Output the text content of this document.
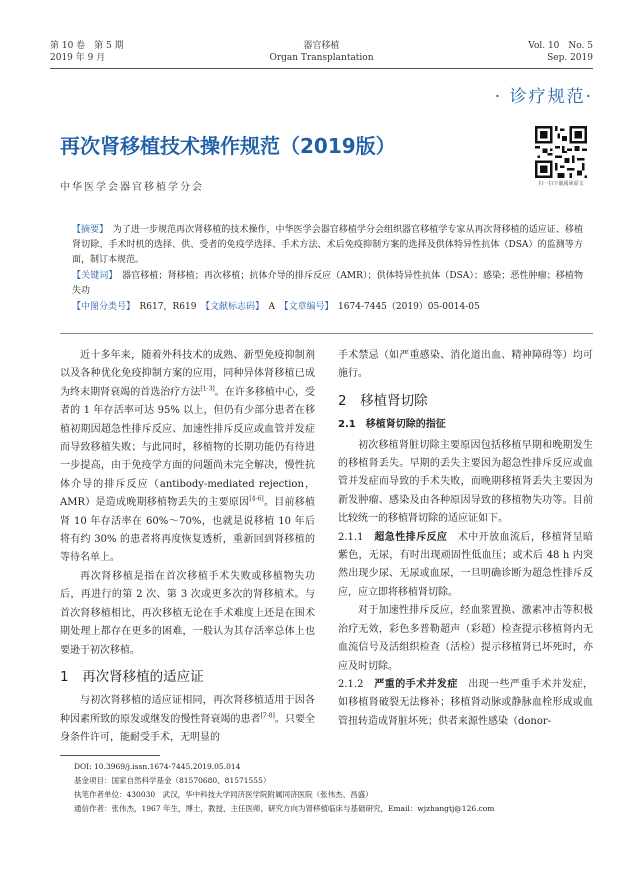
第 10 卷　第 5 期
2019 年 9 月
器官移植
Organ Transplantation
Vol. 10　No. 5
Sep. 2019
· 诊疗规范·
再次肾移植技术操作规范（2019版）
中华医学会器官移植学分会	扫一扫下载阅读原文

【摘要】　 为了进一步规范再次肾移植的技术操作，中华医学会器官移植学分会组织器官移植学专家从再次肾移植的适应证、移植肾切除、手术时机的选择、供、受者的免疫学选择、手术方法、术后免疫抑制方案的选择及供体特异性抗体（DSA）的监测等方面，制订本规范。

【关键词】　 器官移植；肾移植；再次移植；抗体介导的排斥反应（AMR）；供体特异性抗体（DSA）；感染；恶性肿瘤；移植物失功

【中图分类号】　 R617，R619　 【文献标志码】　 A　 【文章编号】　 1674-7445（2019）05-0014-05

近十多年来，随着外科技术的成熟、新型免疫抑制剂以及各种优化免疫抑制方案的应用，同种异体肾移植已成为终末期肾衰竭的首选治疗方法[1-3]。在许多移植中心，受者的 1 年存活率可达 95% 以上，但仍有少部分患者在移植初期因超急性排斥反应、加速性排斥反应或血管并发症而导致移植失败；与此同时，移植物的长期功能仍有待进一步提高，由于免疫学方面的问题尚未完全解决，慢性抗体介导的排斥反应（antibody-mediated rejection，AMR）是造成晚期移植物丢失的主要原因[4-6]。目前移植肾 10 年存活率在 60%～70%，也就是说移植 10 年后将有约 30% 的患者将再度恢复透析，重新回到肾移植的等待名单上。

再次肾移植是指在首次移植手术失败或移植物失功后，再进行的第 2 次、第 3 次或更多次的肾移植术。与首次肾移植相比，再次移植无论在手术难度上还是在围术期处理上都存在更多的困难，一般认为其存活率总体上也要逊于初次移植。

1　再次肾移植的适应证

与初次肾移植的适应证相同，再次肾移植适用于因各种因素所致的原发或继发的慢性肾衰竭的患者[7-8]。只要全身条件许可，能耐受手术，无明显的

手术禁忌（如严重感染、消化道出血、精神障碍等）均可施行。

2　移植肾切除
2.1　移植肾切除的指征

初次移植肾脏切除主要原因包括移植早期和晚期发生的移植肾丢失。早期的丢失主要因为超急性排斥反应或血管并发症而导致的手术失败，而晚期移植肾丢失主要因为新发肿瘤、感染及由各种原因导致的移植物失功等。目前比较统一的移植肾切除的适应证如下。

2.1.1　 超急性排斥反应　 术中开放血流后，移植肾呈暗紫色，无尿，有时出现顽固性低血压；或术后 48 h 内突然出现少尿、无尿或血尿，一旦明确诊断为超急性排斥反应，应立即将移植肾切除。

对于加速性排斥反应，经血浆置换、激素冲击等积极治疗无效，彩色多普勒超声（彩超）检查提示移植肾内无血流信号及活组织检查（活检）提示移植肾已坏死时，亦应及时切除。

2.1.2　 严重的手术并发症　 出现一些严重手术并发症，如移植肾破裂无法修补；移植肾动脉或静脉血栓形成或血管扭转造成肾脏坏死；供者来源性感染（donor-

DOI: 10.3969/j.issn.1674-7445.2019.05.014
基金项目：国家自然科学基金（81570680、81571555）
执笔作者单位：430030　武汉，华中科技大学同济医学院附属同济医院（张伟杰、昌盛）
通信作者：张伟杰，1967 年生，博士，教授，主任医师，研究方向为肾移植临床与基础研究，Email：wjzhangtj@126.com
